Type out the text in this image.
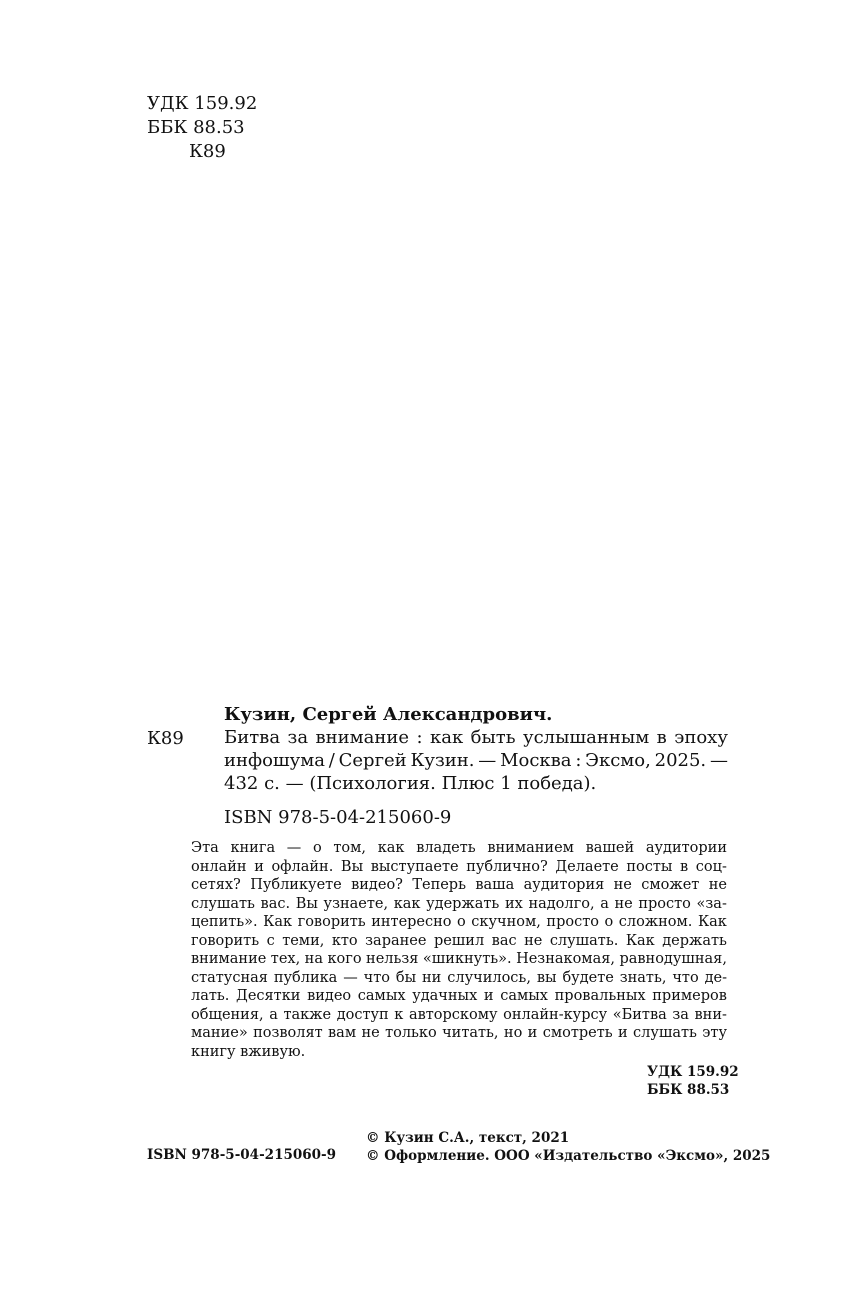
УДК 159.92
ББК 88.53
К89
Кузин, Сергей Александрович.
К89 Битва за внимание : как быть услышанным в эпоху
инфошума / Сергей Кузин. — Москва : Эксмо, 2025. —
432 с. — (Психология. Плюс 1 победа).
ISBN 978-5-04-215060-9
Эта книга — о том, как владеть вниманием вашей аудитории
онлайн и офлайн. Вы выступаете публично? Делаете посты в соц-
сетях? Публикуете видео? Теперь ваша аудитория не сможет не
слушать вас. Вы узнаете, как удержать их надолго, а не просто «за-
цепить». Как говорить интересно о скучном, просто о сложном. Как
говорить с теми, кто заранее решил вас не слушать. Как держать
внимание тех, на кого нельзя «шикнуть». Незнакомая, равнодушная,
статусная публика — что бы ни случилось, вы будете знать, что де-
лать. Десятки видео самых удачных и самых провальных примеров
общения, а также доступ к авторскому онлайн-курсу «Битва за вни-
мание» позволят вам не только читать, но и смотреть и слушать эту
книгу вживую.
УДК 159.92
ББК 88.53
ISBN 978-5-04-215060-9
© Кузин С.А., текст, 2021
© Оформление. ООО «Издательство «Эксмо», 2025
